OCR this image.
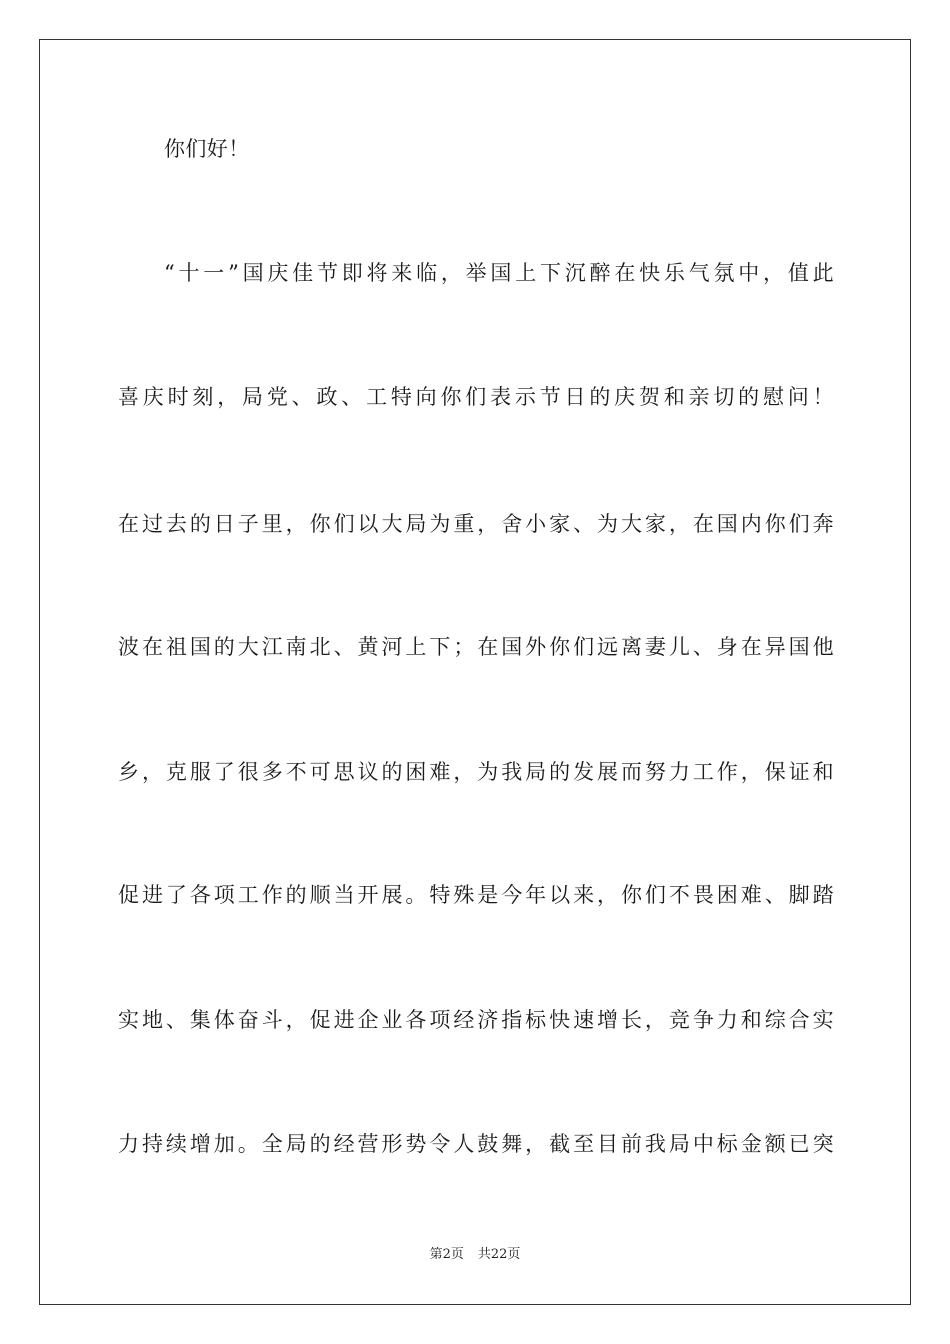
你们好！
“十一”国庆佳节即将来临，举国上下沉醉在快乐气氛中，值此
喜庆时刻，局党、政、工特向你们表示节日的庆贺和亲切的慰问！
在过去的日子里，你们以大局为重，舍小家、为大家，在国内你们奔
波在祖国的大江南北、黄河上下；在国外你们远离妻儿、身在异国他
乡，克服了很多不可思议的困难，为我局的发展而努力工作，保证和
促进了各项工作的顺当开展。特殊是今年以来，你们不畏困难、脚踏
实地、集体奋斗，促进企业各项经济指标快速增长，竞争力和综合实
力持续增加。全局的经营形势令人鼓舞，截至目前我局中标金额已突
第2页 共22页
